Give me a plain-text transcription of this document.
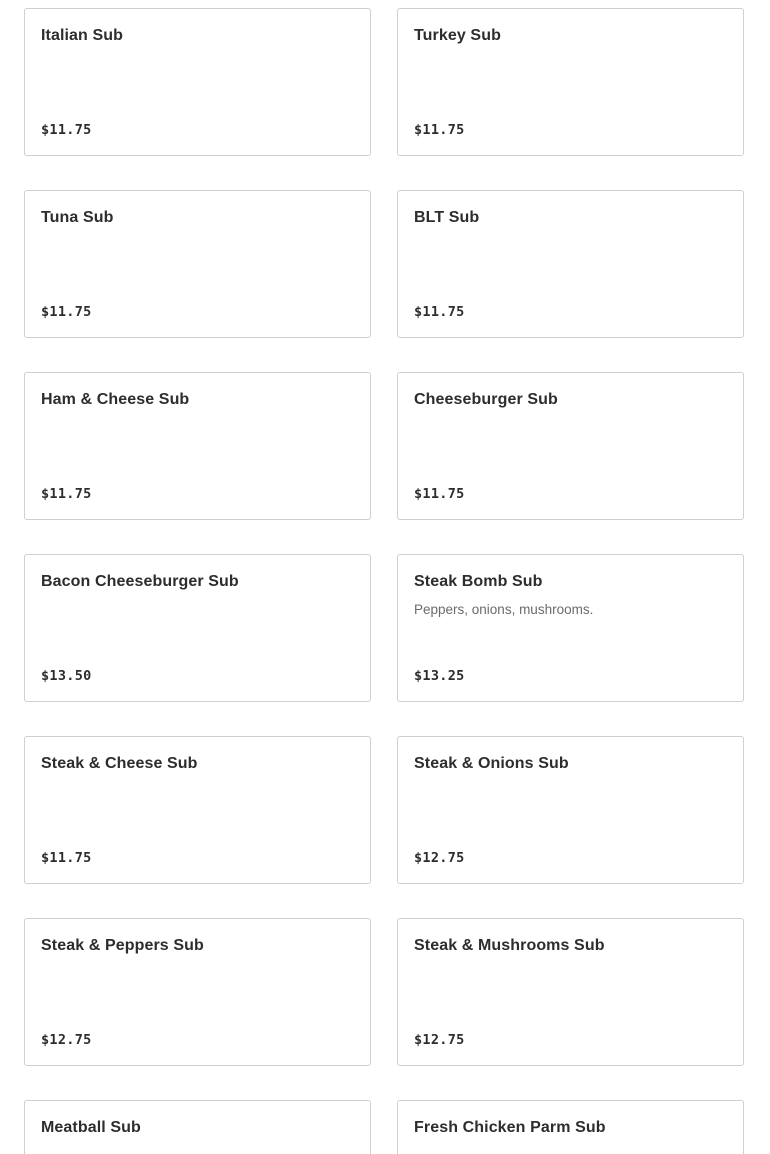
Italian Sub
$11.75
Turkey Sub
$11.75
Tuna Sub
$11.75
BLT Sub
$11.75
Ham & Cheese Sub
$11.75
Cheeseburger Sub
$11.75
Bacon Cheeseburger Sub
$13.50
Steak Bomb Sub
Peppers, onions, mushrooms.
$13.25
Steak & Cheese Sub
$11.75
Steak & Onions Sub
$12.75
Steak & Peppers Sub
$12.75
Steak & Mushrooms Sub
$12.75
Meatball Sub	Fresh Chicken Parm Sub
